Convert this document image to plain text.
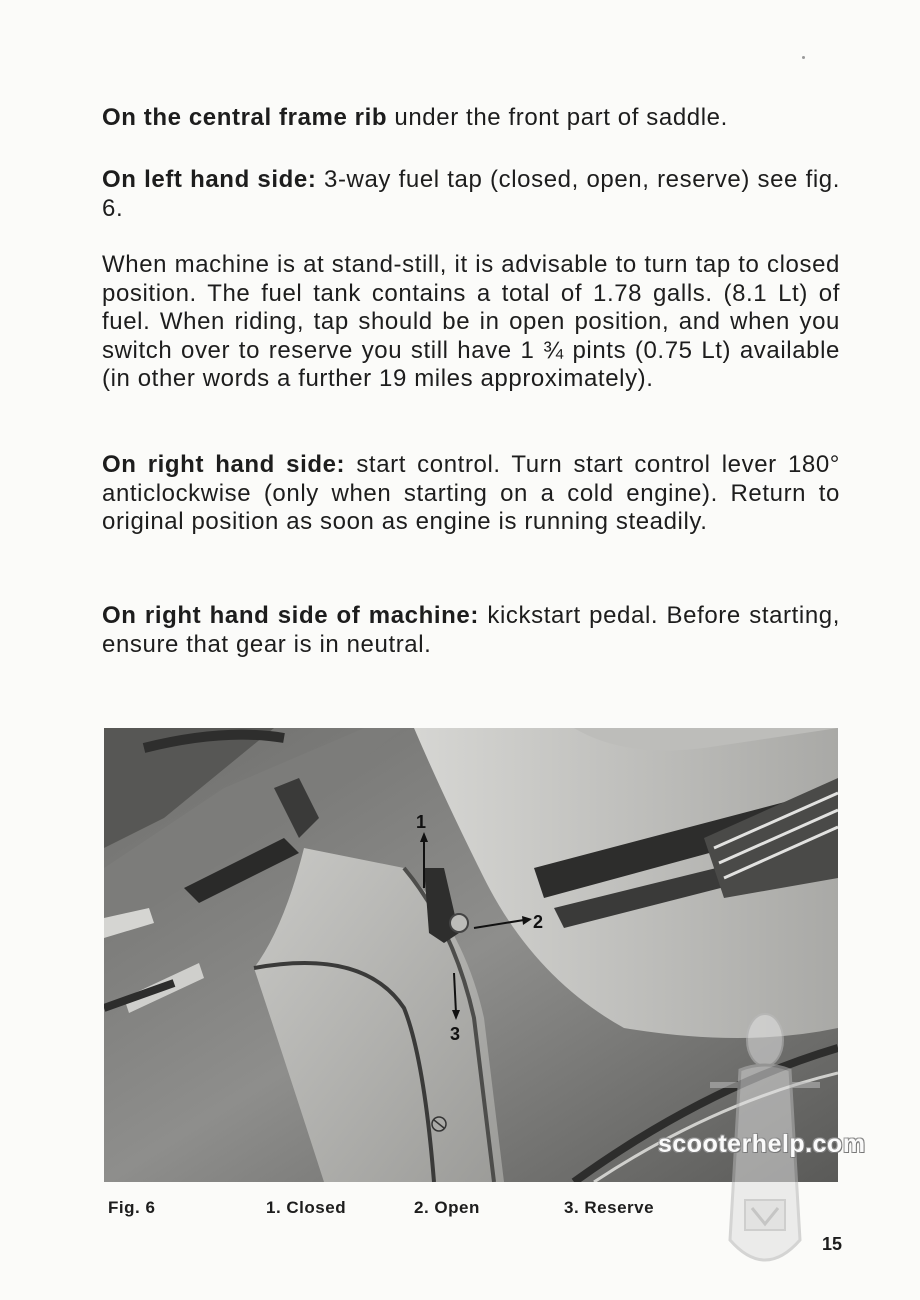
On the central frame rib under the front part of saddle.

On left hand side: 3-way fuel tap (closed, open, reserve) see fig. 6.

When machine is at stand-still, it is advisable to turn tap to closed position. The fuel tank contains a total of 1.78 galls. (8.1 Lt) of fuel. When riding, tap should be in open position, and when you switch over to reserve you still have 1 ¾ pints (0.75 Lt) available (in other words a further 19 miles approximately).

On right hand side: start control. Turn start control lever 180° anticlockwise (only when starting on a cold engine). Return to original position as soon as engine is running steadily.

On right hand side of machine: kickstart pedal. Before starting, ensure that gear is in neutral.

1
2
3
scooterhelp.com
Fig. 6	1. Closed	2. Open	3. Reserve
15
